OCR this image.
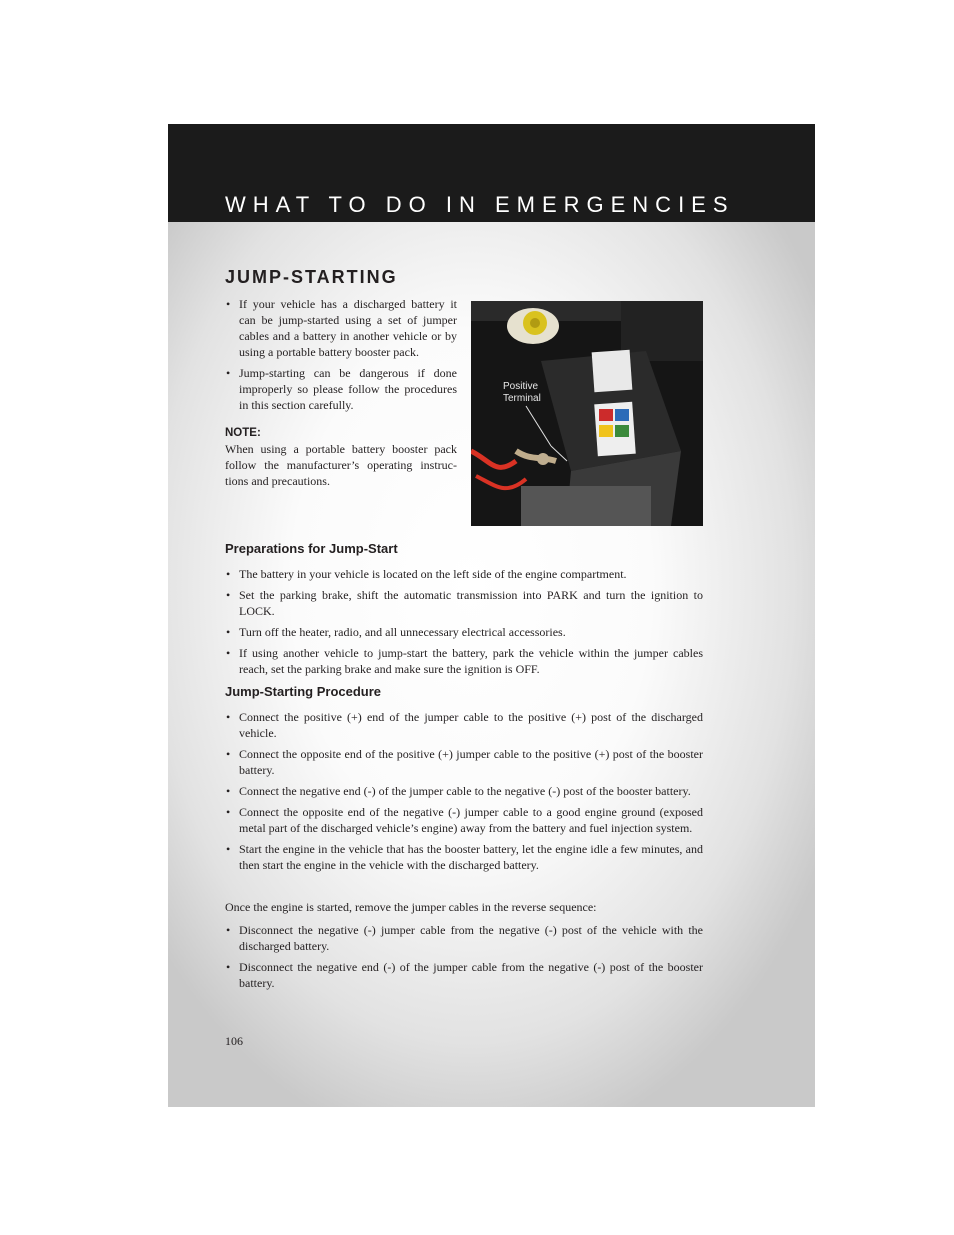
WHAT TO DO IN EMERGENCIES
JUMP-STARTING
• If your vehicle has a discharged battery it can be jump-started using a set of jumper cables and a battery in another vehicle or by using a portable battery booster pack.
• Jump-starting can be dangerous if done improperly so please follow the procedures in this section carefully.
NOTE:

When using a portable battery booster pack follow the manufacturer’s operating instruc- tions and precautions.

Positive
Terminal
Preparations for Jump-Start
• The battery in your vehicle is located on the left side of the engine compartment.
• Set the parking brake, shift the automatic transmission into PARK and turn the ignition to LOCK.
• Turn off the heater, radio, and all unnecessary electrical accessories.
• If using another vehicle to jump-start the battery, park the vehicle within the jumper cables reach, set the parking brake and make sure the ignition is OFF.
Jump-Starting Procedure
• Connect the positive (+) end of the jumper cable to the positive (+) post of the discharged vehicle.
• Connect the opposite end of the positive (+) jumper cable to the positive (+) post of the booster battery.
• Connect the negative end (-) of the jumper cable to the negative (-) post of the booster battery.
• Connect the opposite end of the negative (-) jumper cable to a good engine ground (exposed metal part of the discharged vehicle’s engine) away from the battery and fuel injection system.
• Start the engine in the vehicle that has the booster battery, let the engine idle a few minutes, and then start the engine in the vehicle with the discharged battery.

Once the engine is started, remove the jumper cables in the reverse sequence:

• Disconnect the negative (-) jumper cable from the negative (-) post of the vehicle with the discharged battery.
• Disconnect the negative end (-) of the jumper cable from the negative (-) post of the booster battery.

106
